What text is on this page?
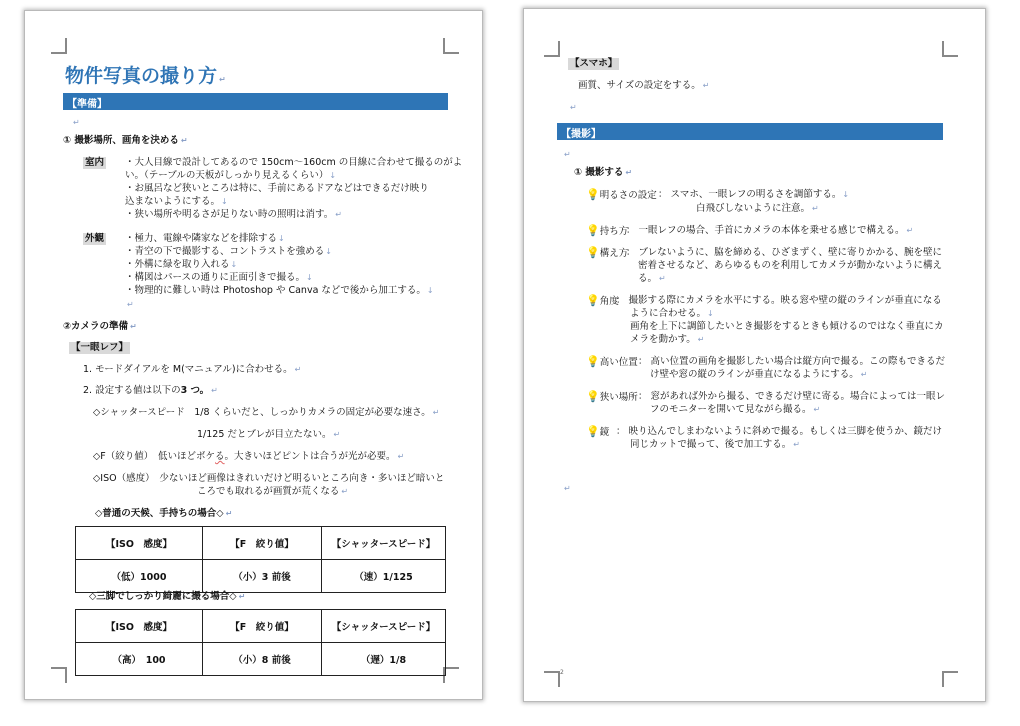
物件写真の撮り方 ↵
【準備】
↵
① 撮影場所、画角を決める ↵
室内 ・大人目線で設計してあるので 150cm～160cm の目線に合わせて撮るのがよ
い。（テーブルの天板がしっかり見えるくらい）↓
・お風呂など狭いところは特に、手前にあるドアなどはできるだけ映り
込まないようにする。↓
・狭い場所や明るさが足りない時の照明は消す。 ↵
外観 ・極力、電線や隣家などを排除する↓
・青空の下で撮影する、コントラストを強める↓
・外構に緑を取り入れる↓
・構図はパースの通りに正面引きで撮る。↓
・物理的に難しい時は Photoshop や Canva などで後から加工する。↓
↵
②カメラの準備 ↵
【一眼レフ】
1. モードダイアルを M(マニュアル)に合わせる。 ↵
2. 設定する値は以下の3 つ。 ↵
◇シャッタースピード　1/8 くらいだと、しっかりカメラの固定が必要な速さ。 ↵
1/125 だとブレが目立たない。 ↵
◇F（絞り値）　低いほどボケる。大きいほどピントは合うが光が必要。 ↵
◇ISO（感度）　少ないほど画像はきれいだけど明るいところ向き・多いほど暗いと
ころでも取れるが画質が荒くなる ↵
◇普通の天候、手持ちの場合◇ ↵
【ISO　感度】	【F　絞り値】	【シャッタースピード】
（低）1000	（小）3 前後	（速）1/125
◇三脚でしっかり綺麗に撮る場合◇ ↵
【ISO　感度】	【F　絞り値】	【シャッタースピード】
（高）　100	（小）8 前後	（遅）1/8
【スマホ】
画質、サイズの設定をする。 ↵
↵
【撮影】
↵
① 撮影する ↵
💡明るさの設定 ： スマホ、一眼レフの明るさを調節する。↓
白飛びしないように注意。 ↵
💡持ち方
： 一眼レフの場合、手首にカメラの本体を乗せる感じで構える。 ↵
💡構え方
： ブレないように、脇を締める、ひざまずく、壁に寄りかかる、腕を壁に
密着させるなど、あらゆるものを利用してカメラが動かないように構え
る。 ↵
💡角度
： 撮影する際にカメラを水平にする。映る窓や壁の縦のラインが垂直になる
ように合わせる。↓
画角を上下に調節したいとき撮影をするときも傾けるのではなく垂直にカ
メラを動かす。 ↵
💡高い位置 ： 高い位置の画角を撮影したい場合は縦方向で撮る。この際もできるだ
け壁や窓の縦のラインが垂直になるようにする。 ↵
💡狭い場所 ： 窓があれば外から撮る、できるだけ壁に寄る。場合によっては一眼レ
フのモニターを開いて見ながら撮る。 ↵
💡鏡 ： 映り込んでしまわないように斜めで撮る。もしくは三脚を使うか、鏡だけ
同じカットで撮って、後で加工する。 ↵
↵
2
